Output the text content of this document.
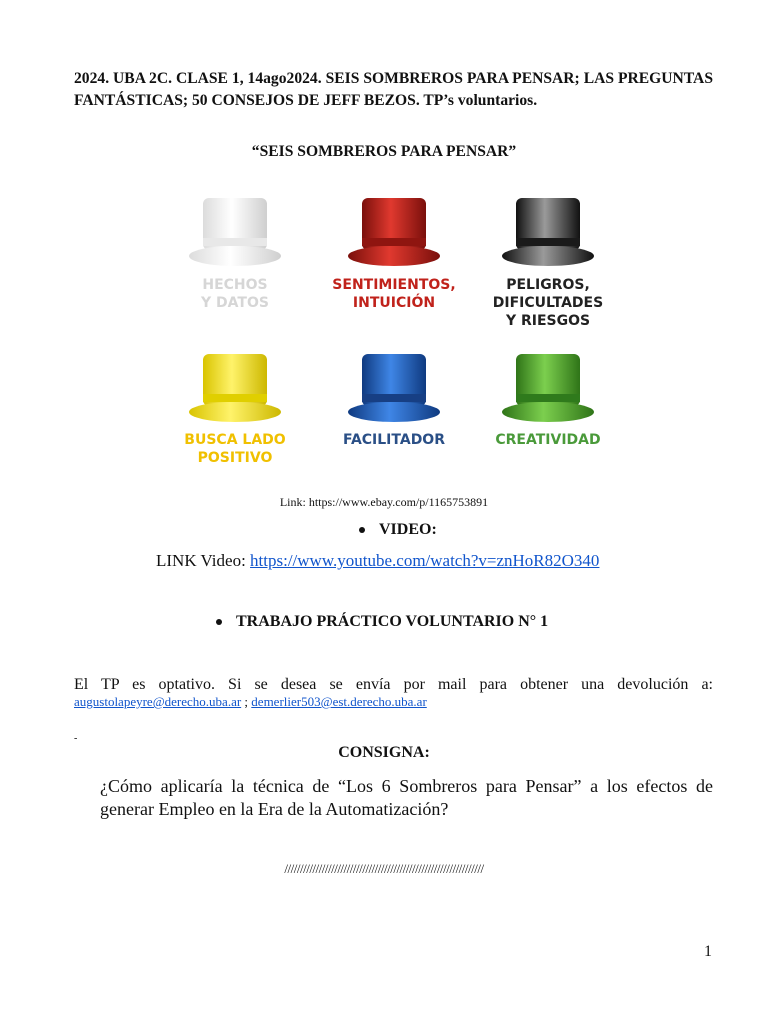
2024. UBA 2C. CLASE 1, 14ago2024. SEIS SOMBREROS PARA PENSAR; LAS PREGUNTAS FANTÁSTICAS; 50 CONSEJOS DE JEFF BEZOS. TP’s voluntarios.
“SEIS SOMBREROS PARA PENSAR”
HECHOS
Y DATOS
SENTIMIENTOS,
INTUICIÓN
PELIGROS,
DIFICULTADES
Y RIESGOS
BUSCA LADO
POSITIVO
FACILITADOR	CREATIVIDAD
Link: https://www.ebay.com/p/1165753891
VIDEO:
LINK Video: https://www.youtube.com/watch?v=znHoR82O340
TRABAJO PRÁCTICO VOLUNTARIO N° 1
El TP es optativo. Si se desea se envía por mail para obtener una devolución a:
augustolapeyre@derecho.uba.ar ; demerlier503@est.derecho.uba.ar
-
CONSIGNA:
¿Cómo aplicaría la técnica de “Los 6 Sombreros para Pensar” a los efectos de generar Empleo en la Era de la Automatización?
////////////////////////////////////////////////////////////////
1
